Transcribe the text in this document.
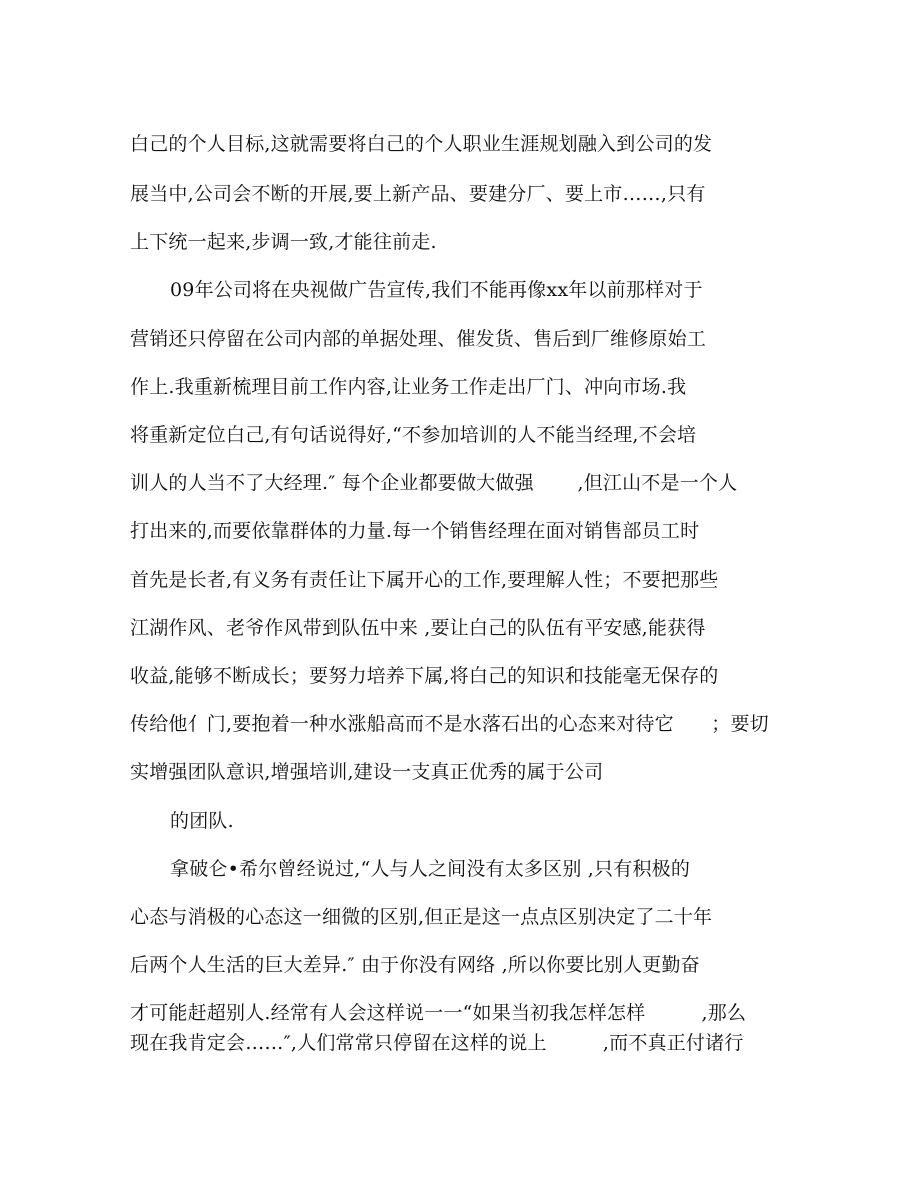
白己的个人目标,这就需要将白己的个人职业生涯规划融入到公司的发
展当中,公司会不断的开展,要上新产品、要建分厂、要上市……,只有
上下统一起来,步调一致,才能往前走.
09年公司将在央视做广告宣传,我们不能再像xx年以前那样对于
营销还只停留在公司内部的单据处理、催发货、售后到厂维修原始工
作上.我重新梳理目前工作内容,让业务工作走出厂门、冲向市场.我
将重新定位白己,有句话说得好,“不参加培训的人不能当经理,不会培
训人的人当不了大经理.″ 每个企业都要做大做强       ,但江山不是一个人
打出来的,而要依靠群体的力量.每一个销售经理在面对销售部员工时
首先是长者,有义务有责任让下属开心的工作,要理解人性；不要把那些
江湖作风、老爷作风带到队伍中来 ,要让白己的队伍有平安感,能获得
收益,能够不断成长；要努力培养下属,将白己的知识和技能毫无保存的
传给他亻门,要抱着一种水涨船高而不是水落石出的心态来对待它      ；要切
实增强团队意识,增强培训,建设一支真正优秀的属于公司
的团队.
拿破仑•希尔曾经说过,“人与人之间没有太多区别 ,只有积极的
心态与消极的心态这一细微的区别,但正是这一点点区别决定了二十年
后两个人生活的巨大差异.″ 由于你没有网络 ,所以你要比别人更勤奋
才可能赶超别人.经常有人会这样说一一“如果当初我怎样怎样         ,那么
现在我肯定会……″,人们常常只停留在这样的说上         ,而不真正付诸行
